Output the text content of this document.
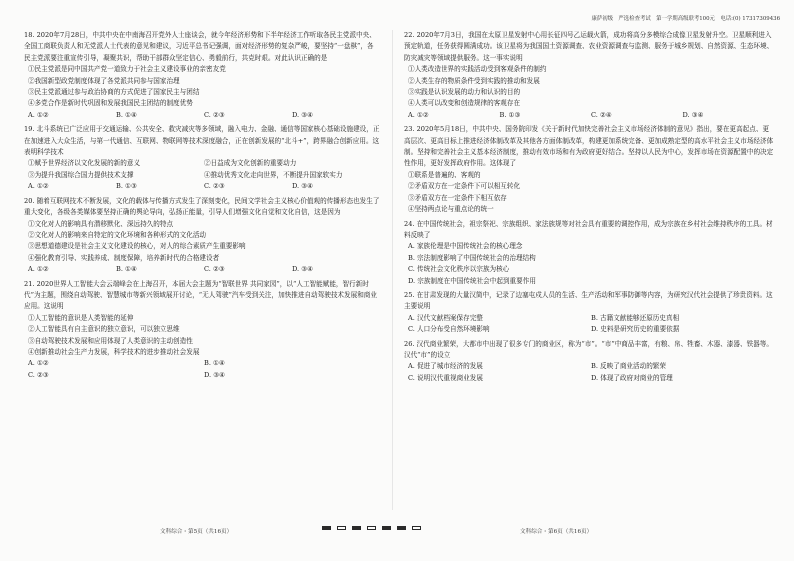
康萨初级　严选检查考试　第一学期高级联考100元　电话:(0) 17317309436
18. 2020年7月28日，中共中央在中南海召开党外人士座谈会，就今年经济形势和下半年经济工作听取各民主党派中央、全国工商联负责人和无党派人士代表的意见和建议，习近平总书记强调，面对经济形势的复杂严峻，要坚持“一盘棋”，各民主党派要注重宣传引导，凝聚共识，帮助干部群众坚定信心、勇毅前行，共克时艰。对此认识正确的是
①民主党派是同中国共产党一道致力于社会主义建设事业的亲密友党
②我国新型政党制度体现了各党派共同参与国家治理
③民主党派通过参与政治协商的方式促进了国家民主与团结
④多党合作是新时代巩固和发展我国民主团结的制度优势
A. ①②	B. ①④	C. ②③	D. ③④
19. 北斗系统已广泛应用于交通运输、公共安全、救灾减灾等多领域，融入电力、金融、通信等国家核心基础设施建设，正在加速进入大众生活，与第一代通信、互联网、物联网等技术深度融合，正在创新发展的“北斗+”，跨界融合创新应用。这表明科学技术
①赋予世界经济以文化发展的新的意义	②日益成为文化创新的重要动力
③为提升我国综合国力提供技术支撑	④推动优秀文化走向世界，不断提升国家软实力
A. ①②	B. ①③	C. ②③	D. ③④
20. 随着互联网技术不断发展，文化的载体与传播方式发生了深刻变化，民间文学社会主义核心价值观的传播形态也发生了重大变化，各级各类媒体要坚持正确的舆论导向，弘扬正能量，引导人们增强文化自觉和文化自信，这是因为
①文化对人的影响具有潜移默化、深远持久的特点
②文化对人的影响来自特定的文化环境和各种形式的文化活动
③思想道德建设是社会主义文化建设的核心，对人的综合素质产生重要影响
④强化教育引导、实践养成、制度保障，培养新时代的合格建设者
A. ①②	B. ①④	C. ②③	D. ③④
21. 2020世界人工智能大会云端峰会在上海召开，本届大会主题为“智联世界 共同家园”，以“人工智能赋能，智行新时代”为主题，围绕自动驾驶、智慧城市等新兴领域展开讨论，“无人驾驶”汽车受到关注，加快推进自动驾驶技术发展和商业应用。这说明
①人工智能的意识是人类智能的延伸
②人工智能具有自主意识的独立意识，可以独立思维
③自动驾驶技术发展和应用体现了人类意识的主动创造性
④创新推动社会生产力发展，科学技术的进步推动社会发展
A. ①②	B. ①④
C. ②③	D. ③④
22. 2020年7月3日，我国在太原卫星发射中心用长征四号乙运载火箭，成功将高分多模综合成像卫星发射升空。卫星顺利进入预定轨道，任务获得圆满成功。该卫星将为我国国土资源调查、农业资源调查与监测、服务于城乡规划、自然资源、生态环境、防灾减灾等领域提供服务。这一事实说明
①人类改造世界的实践活动受到客观条件的制约
②人类生存的物质条件受到实践的推动和发展
③实践是认识发展的动力和认识的目的
④人类可以改变和创造规律的客观存在
A. ①②	B. ①③	C. ②④	D. ③④
23. 2020年5月18日，中共中央、国务院印发《关于新时代加快完善社会主义市场经济体制的意见》指出，要在更高起点、更高层次、更高目标上推进经济体制改革及其他各方面体制改革，构建更加系统完备、更加成熟定型的高水平社会主义市场经济体制。坚持和完善社会主义基本经济制度，推动有效市场和有为政府更好结合。坚持以人民为中心，发挥市场在资源配置中的决定性作用，更好发挥政府作用。这体现了
①联系是普遍的、客观的
②矛盾双方在一定条件下可以相互转化
③矛盾双方在一定条件下相互依存
④坚持两点论与重点论的统一
24. 在中国传统社会，祖宗祭祀、宗族组织、家法族规等对社会具有重要的调控作用，成为宗族在乡村社会维持秩序的工具。材料反映了
A. 家族伦理是中国传统社会的核心理念
B. 宗法制度影响了中国传统社会的治理结构
C. 传统社会文化秩序以宗族为核心
D. 宗族制度在中国传统社会中起到重要作用
25. 在甘肃发现的大量汉简中，记录了边塞屯戍人员的生活、生产活动和军事防御等内容，为研究汉代社会提供了珍贵资料。这主要说明
A. 汉代文献档案保存完整	B. 古籍文献能够还原历史真相
C. 人口分布受自然环境影响	D. 史料是研究历史的重要依据
26. 汉代商业繁荣，大都市中出现了很多专门的商业区，称为“市”。“市”中商品丰富，有粮、帛、牲畜、木器、漆器、铁器等。汉代“市”的设立
A. 促进了城市经济的发展	B. 反映了商业活动的繁荣
C. 说明汉代重视商业发展	D. 体现了政府对商业的管理
文科综合・第5页（共16页）	文科综合・第6页（共16页）
